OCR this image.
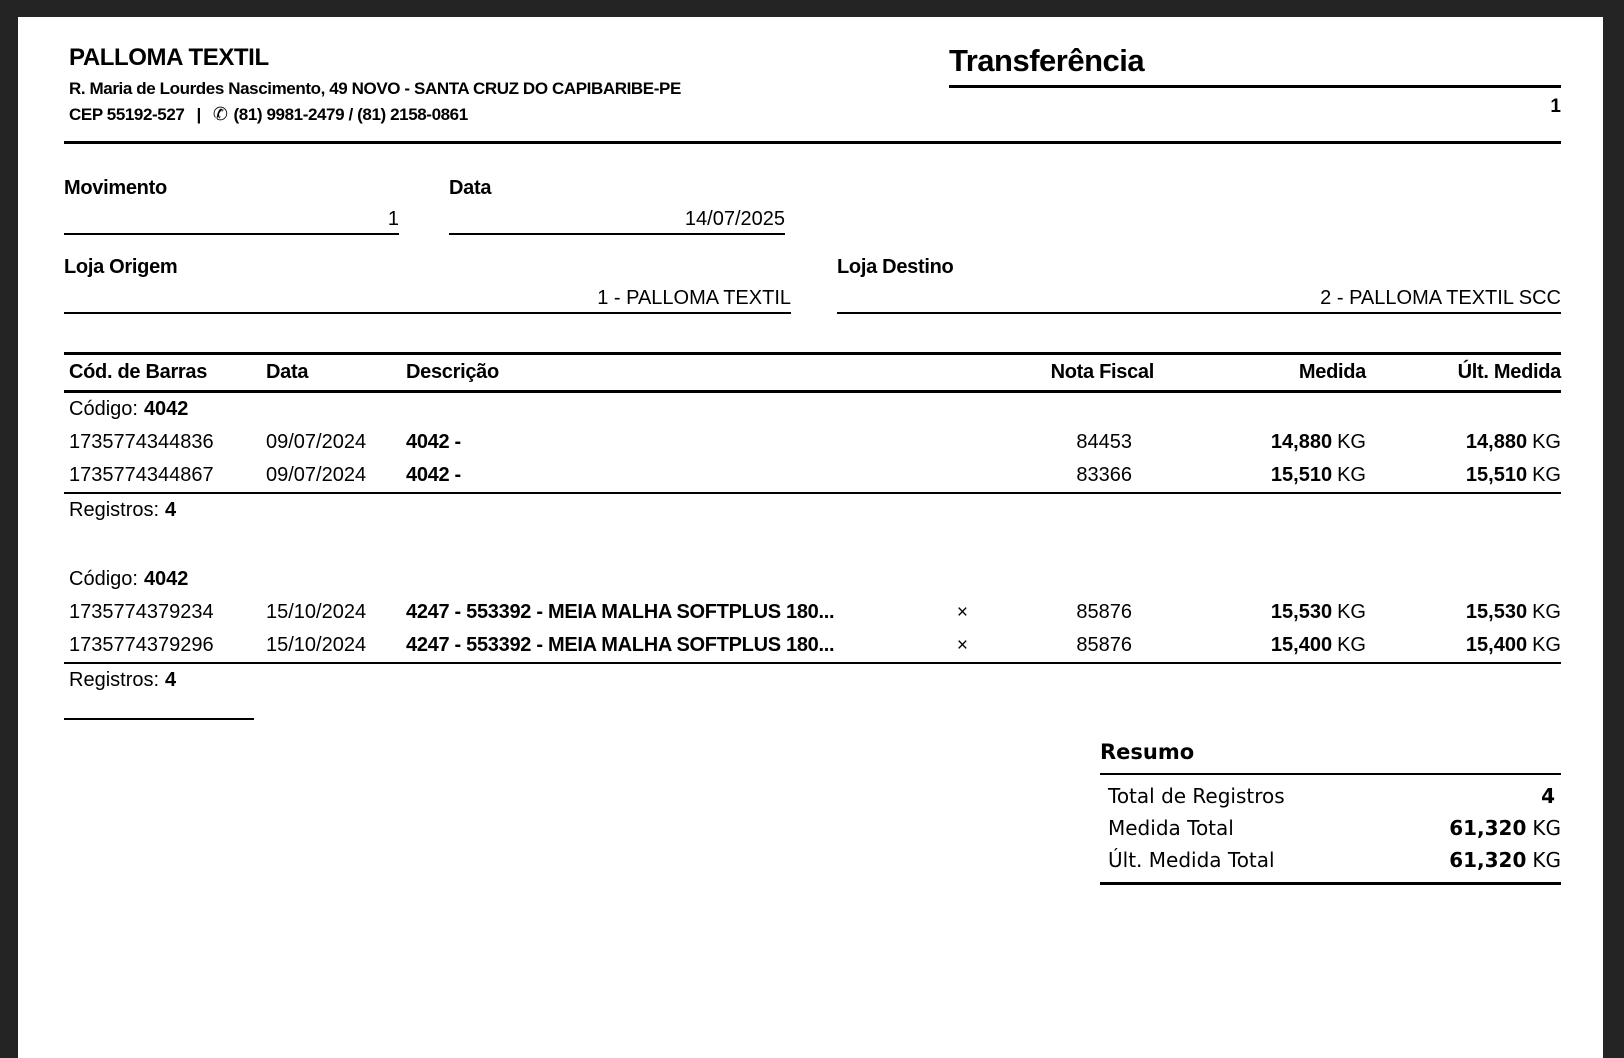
PALLOMA TEXTIL
R. Maria de Lourdes Nascimento, 49 NOVO - SANTA CRUZ DO CAPIBARIBE-PE
CEP 55192-527 | ✆ (81) 9981-2479 / (81) 2158-0861
Transferência
1
Movimento
1
Data
14/07/2025
Loja Origem
1 - PALLOMA TEXTIL
Loja Destino
2 - PALLOMA TEXTIL SCC
Cód. de Barras	Data	Descrição	Nota Fiscal	Medida	Últ. Medida
Código: 4042
1735774344836	09/07/2024	4042 -	84453	14,880 KG	14,880 KG
1735774344867	09/07/2024	4042 -	83366	15,510 KG	15,510 KG
Registros: 4
Código: 4042
1735774379234	15/10/2024	4247 - 553392 - MEIA MALHA SOFTPLUS 180...	×	85876	15,530 KG	15,530 KG
1735774379296	15/10/2024	4247 - 553392 - MEIA MALHA SOFTPLUS 180...	×	85876	15,400 KG	15,400 KG
Registros: 4
Resumo
Total de Registros	4
Medida Total	61,320 KG
Últ. Medida Total	61,320 KG
